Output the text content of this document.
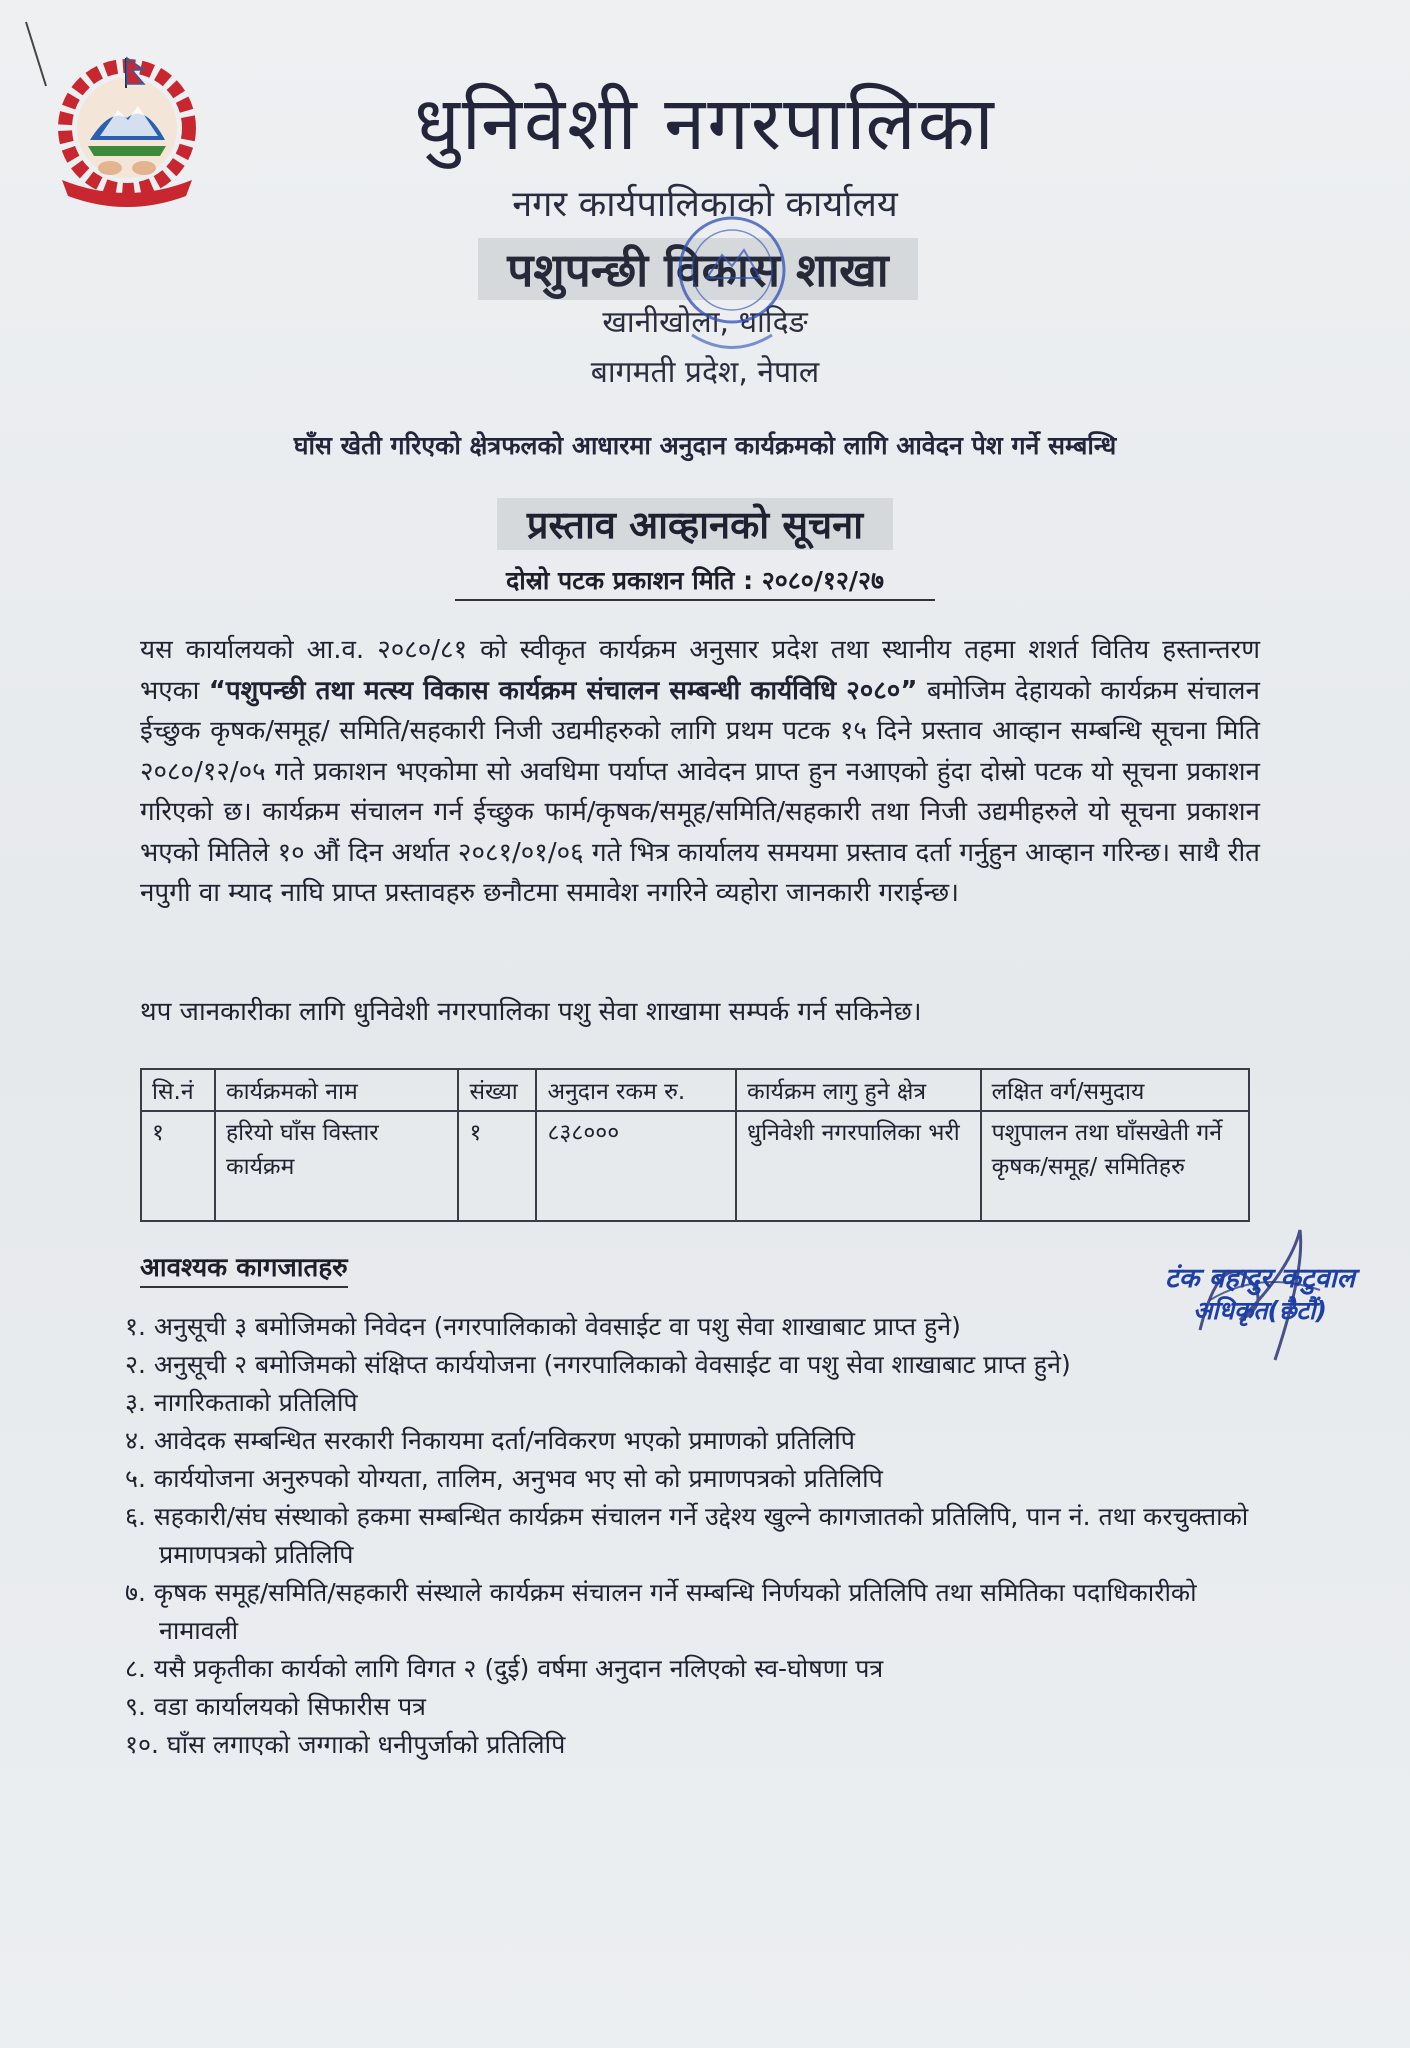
धुनिवेशी नगरपालिका
नगर कार्यपालिकाको कार्यालय
पशुपन्छी विकास शाखा
खानीखोला, धादिङ
बागमती प्रदेश, नेपाल
घाँस खेती गरिएको क्षेत्रफलको आधारमा अनुदान कार्यक्रमको लागि आवेदन पेश गर्ने सम्बन्धि
प्रस्ताव आव्हानको सूचना
दोस्रो पटक प्रकाशन मिति : २०८०/१२/२७
यस कार्यालयको आ.व. २०८०/८१ को स्वीकृत कार्यक्रम अनुसार प्रदेश तथा स्थानीय तहमा शशर्त वितिय हस्तान्तरण भएका “पशुपन्छी तथा मत्स्य विकास कार्यक्रम संचालन सम्बन्धी कार्यविधि २०८०” बमोजिम देहायको कार्यक्रम संचालन ईच्छुक कृषक/समूह/ समिति/सहकारी निजी उद्यमीहरुको लागि प्रथम पटक १५ दिने प्रस्ताव आव्हान सम्बन्धि सूचना मिति २०८०/१२/०५ गते प्रकाशन भएकोमा सो अवधिमा पर्याप्त आवेदन प्राप्त हुन नआएको हुंदा दोस्रो पटक यो सूचना प्रकाशन गरिएको छ। कार्यक्रम संचालन गर्न ईच्छुक फार्म/कृषक/समूह/समिति/सहकारी तथा निजी उद्यमीहरुले यो सूचना प्रकाशन भएको मितिले १० औं दिन अर्थात २०८१/०१/०६ गते भित्र कार्यालय समयमा प्रस्ताव दर्ता गर्नुहुन आव्हान गरिन्छ। साथै रीत नपुगी वा म्याद नाघि प्राप्त प्रस्तावहरु छनौटमा समावेश नगरिने व्यहोरा जानकारी गराईन्छ।
थप जानकारीका लागि धुनिवेशी नगरपालिका पशु सेवा शाखामा सम्पर्क गर्न सकिनेछ।
सि.नं	कार्यक्रमको नाम	संख्या	अनुदान रकम रु.	कार्यक्रम लागु हुने क्षेत्र	लक्षित वर्ग/समुदाय
१	हरियो घाँस विस्तार कार्यक्रम	१	८३८०००	धुनिवेशी नगरपालिका भरी	पशुपालन तथा घाँसखेती गर्ने कृषक/समूह/ समितिहरु
आवश्यक कागजातहरु
१. अनुसूची ३ बमोजिमको निवेदन (नगरपालिकाको वेवसाईट वा पशु सेवा शाखाबाट प्राप्त हुने)
२. अनुसूची २ बमोजिमको संक्षिप्त कार्ययोजना (नगरपालिकाको वेवसाईट वा पशु सेवा शाखाबाट प्राप्त हुने)
३. नागरिकताको प्रतिलिपि
४. आवेदक सम्बन्धित सरकारी निकायमा दर्ता/नविकरण भएको प्रमाणको प्रतिलिपि
५. कार्ययोजना अनुरुपको योग्यता, तालिम, अनुभव भए सो को प्रमाणपत्रको प्रतिलिपि
६. सहकारी/संघ संस्थाको हकमा सम्बन्धित कार्यक्रम संचालन गर्ने उद्देश्य खुल्ने कागजातको प्रतिलिपि, पान नं. तथा करचुक्ताको प्रमाणपत्रको प्रतिलिपि
७. कृषक समूह/समिति/सहकारी संस्थाले कार्यक्रम संचालन गर्ने सम्बन्धि निर्णयको प्रतिलिपि तथा समितिका पदाधिकारीको नामावली
८. यसै प्रकृतीका कार्यको लागि विगत २ (दुई) वर्षमा अनुदान नलिएको स्व-घोषणा पत्र
९. वडा कार्यालयको सिफारीस पत्र
१०. घाँस लगाएको जग्गाको धनीपुर्जाको प्रतिलिपि
टंक बहादुर कटुवाल
अधिकृत(छैटौं)
